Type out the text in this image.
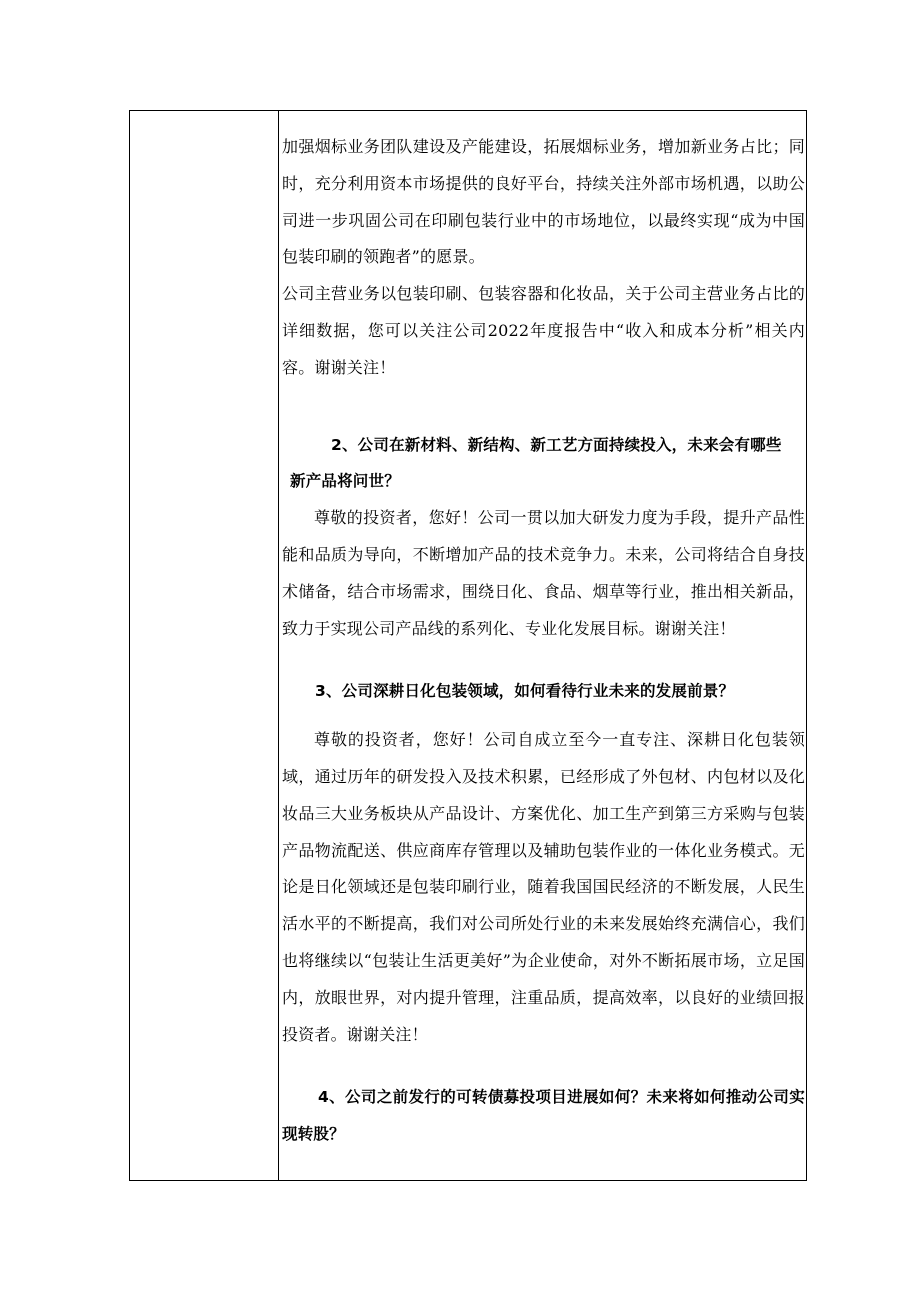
加强烟标业务团队建设及产能建设，拓展烟标业务，增加新业务占比；同时，充分利用资本市场提供的良好平台，持续关注外部市场机遇，以助公司进一步巩固公司在印刷包装行业中的市场地位，以最终实现“成为中国包装印刷的领跑者”的愿景。

公司主营业务以包装印刷、包装容器和化妆品，关于公司主营业务占比的详细数据，您可以关注公司2022年度报告中“收入和成本分析”相关内容。谢谢关注！

2、公司在新材料、新结构、新工艺方面持续投入，未来会有哪些
新产品将问世？

尊敬的投资者，您好！公司一贯以加大研发力度为手段，提升产品性能和品质为导向，不断增加产品的技术竞争力。未来，公司将结合自身技术储备，结合市场需求，围绕日化、食品、烟草等行业，推出相关新品，致力于实现公司产品线的系列化、专业化发展目标。谢谢关注！

3、公司深耕日化包装领域，如何看待行业未来的发展前景？

尊敬的投资者，您好！公司自成立至今一直专注、深耕日化包装领域，通过历年的研发投入及技术积累，已经形成了外包材、内包材以及化妆品三大业务板块从产品设计、方案优化、加工生产到第三方采购与包装产品物流配送、供应商库存管理以及辅助包装作业的一体化业务模式。无论是日化领域还是包装印刷行业，随着我国国民经济的不断发展，人民生活水平的不断提高，我们对公司所处行业的未来发展始终充满信心，我们也将继续以“包装让生活更美好”为企业使命，对外不断拓展市场，立足国内，放眼世界，对内提升管理，注重品质，提高效率，以良好的业绩回报投资者。谢谢关注！

4、公司之前发行的可转债募投项目进展如何？未来将如何推动公司实现转股？
